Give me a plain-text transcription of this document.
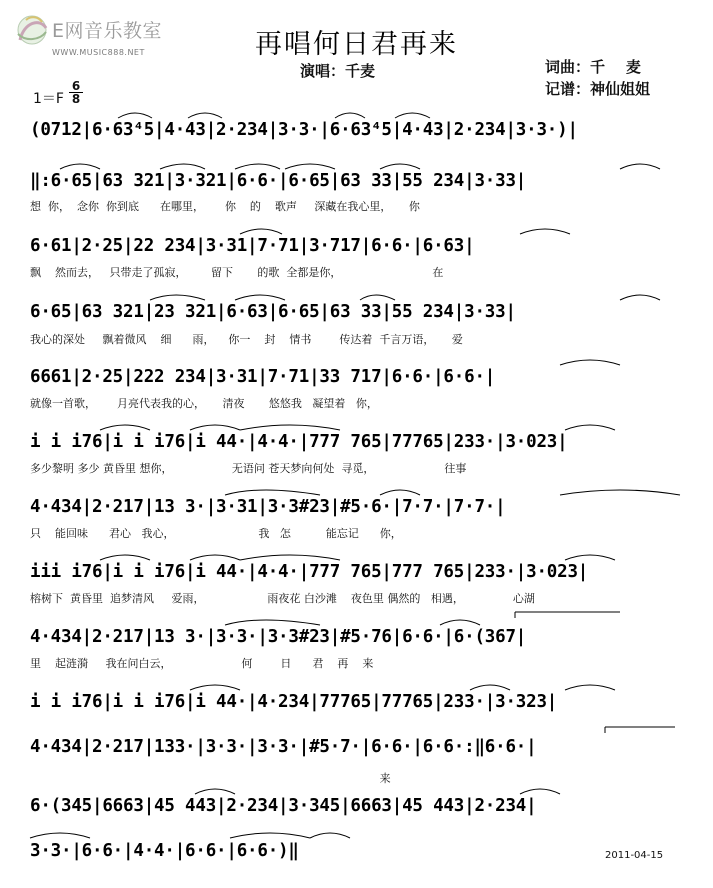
E网音乐教室
WWW.MUSIC888.NET	再唱何日君再来
演唱：千麦	词曲：千    麦
记谱：神仙姐姐
1＝F
6
8
(0712|6·63⁴5|4·43|2·234|3·3·|6·63⁴5|4·43|2·234|3·3·)|
‖:6·65|63 321|3·321|6·6·|6·65|63 33|55 234|3·33|
想  你，  念你  你到底      在哪里，      你    的    歌声     深藏在我心里，     你
6·61|2·25|22 234|3·31|7·71|3·717|6·6·|6·63|
飘    然而去，   只带走了孤寂，       留下       的歌  全都是你，                          在
6·65|63 321|23 321|6·63|6·65|63 33|55 234|3·33|
我心的深处     飘着微风    细      雨，    你一    封    情书        传达着  千言万语，     爱
6661|2·25|222 234|3·31|7·71|33 717|6·6·|6·6·|
就像一首歌，      月亮代表我的心，     清夜       悠悠我   凝望着   你，
i i i76|i i i76|i 44·|4·4·|777 765|77765|233·|3·023|
多少黎明 多少 黄昏里 想你，                 无语问 苍天梦向何处  寻觅，                    往事
4·434|2·217|13 3·|3·31|3·3#23|#5·6·|7·7·|7·7·|
只    能回味      君心   我心，                        我   怎          能忘记      你，
iii i76|i i i76|i 44·|4·4·|777 765|777 765|233·|3·023|
榕树下  黄昏里  追梦清风     爱雨，                  雨夜花 白沙滩    夜色里 偶然的   相遇，              心湖
4·434|2·217|13 3·|3·3·|3·3#23|#5·76|6·6·|6·(367|
里    起涟漪     我在问白云，                    何        日      君    再    来
i i i76|i i i76|i 44·|4·234|77765|77765|233·|3·323|
4·434|2·217|133·|3·3·|3·3·|#5·7·|6·6·|6·6·:‖6·6·|
来
6·(345|6663|45 443|2·234|3·345|6663|45 443|2·234|
3·3·|6·6·|4·4·|6·6·|6·6·)‖	2011-04-15
